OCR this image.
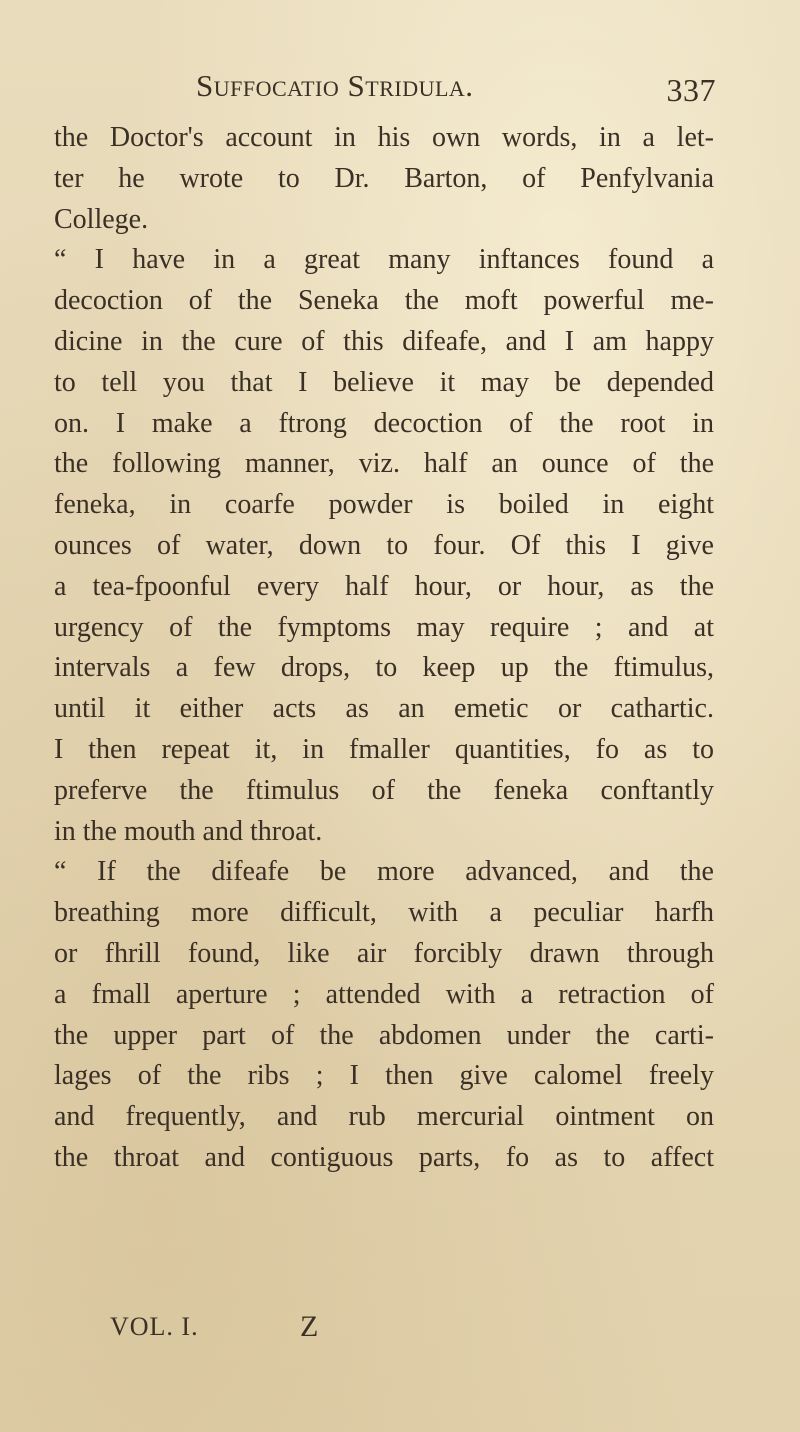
Suffocatio Stridula.	337
the Doctor's account in his own words, in a let-
ter he wrote to Dr. Barton, of Penfylvania
College.
“ I have in a great many inftances found a
decoction of the Seneka the moft powerful me-
dicine in the cure of this difeafe, and I am happy
to tell you that I believe it may be depended
on. I make a ftrong decoction of the root in
the following manner, viz. half an ounce of the
feneka, in coarfe powder is boiled in eight
ounces of water, down to four. Of this I give
a tea-fpoonful every half hour, or hour, as the
urgency of the fymptoms may require ; and at
intervals a few drops, to keep up the ftimulus,
until it either acts as an emetic or cathartic.
I then repeat it, in fmaller quantities, fo as to
preferve the ftimulus of the feneka conftantly
in the mouth and throat.
“ If the difeafe be more advanced, and the
breathing more difficult, with a peculiar harfh
or fhrill found, like air forcibly drawn through
a fmall aperture ; attended with a retraction of
the upper part of the abdomen under the carti-
lages of the ribs ; I then give calomel freely
and frequently, and rub mercurial ointment on
the throat and contiguous parts, fo as to affect
VOL. I.	Z
